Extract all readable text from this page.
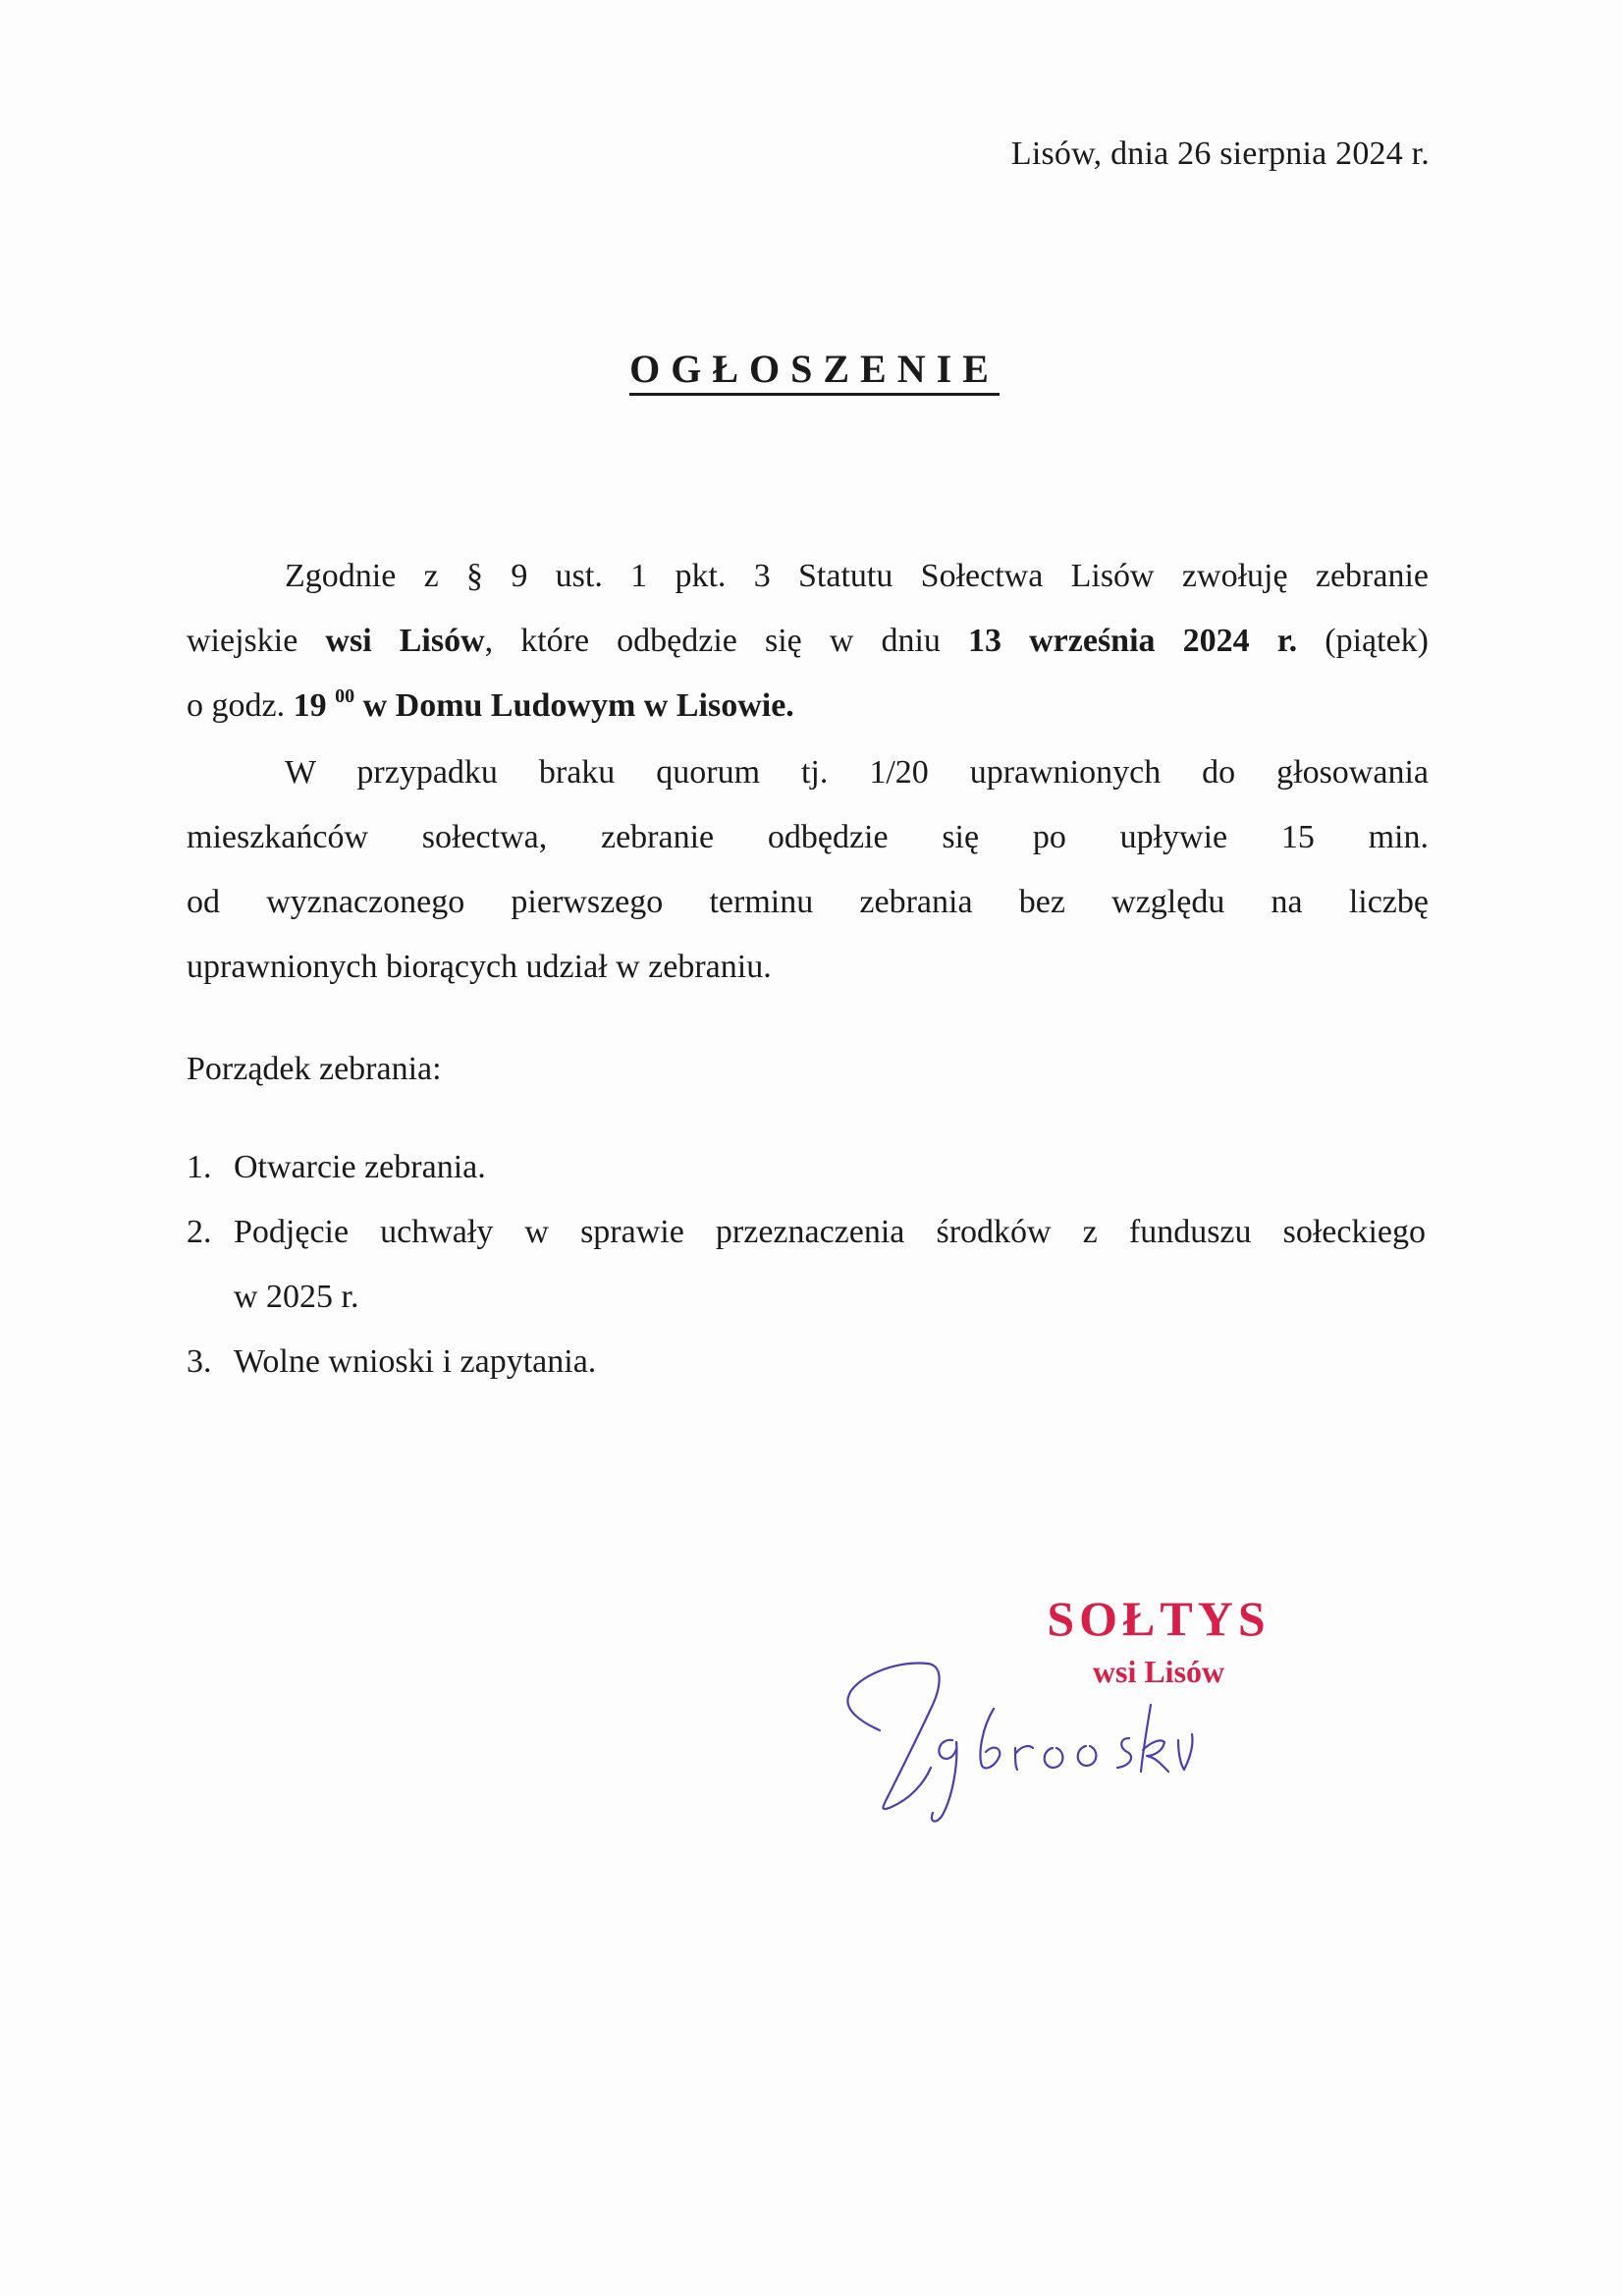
Lisów, dnia 26 sierpnia 2024 r.
OGŁOSZENIE
Zgodnie z § 9 ust. 1 pkt. 3 Statutu Sołectwa Lisów zwołuję zebranie
wiejskie wsi Lisów, które odbędzie się w dniu 13 września 2024 r. (piątek)
o godz. 19 $^{00}$ w Domu Ludowym w Lisowie.
W przypadku braku quorum tj. 1/20 uprawnionych do głosowania
mieszkańców sołectwa, zebranie odbędzie się po upływie 15 min.
od wyznaczonego pierwszego terminu zebrania bez względu na liczbę
uprawnionych biorących udział w zebraniu.
Porządek zebrania:
1. Otwarcie zebrania.
2. Podjęcie uchwały w sprawie przeznaczenia środków z funduszu sołeckiego
w 2025 r.
3. Wolne wnioski i zapytania.
SOŁTYS
wsi Lisów
